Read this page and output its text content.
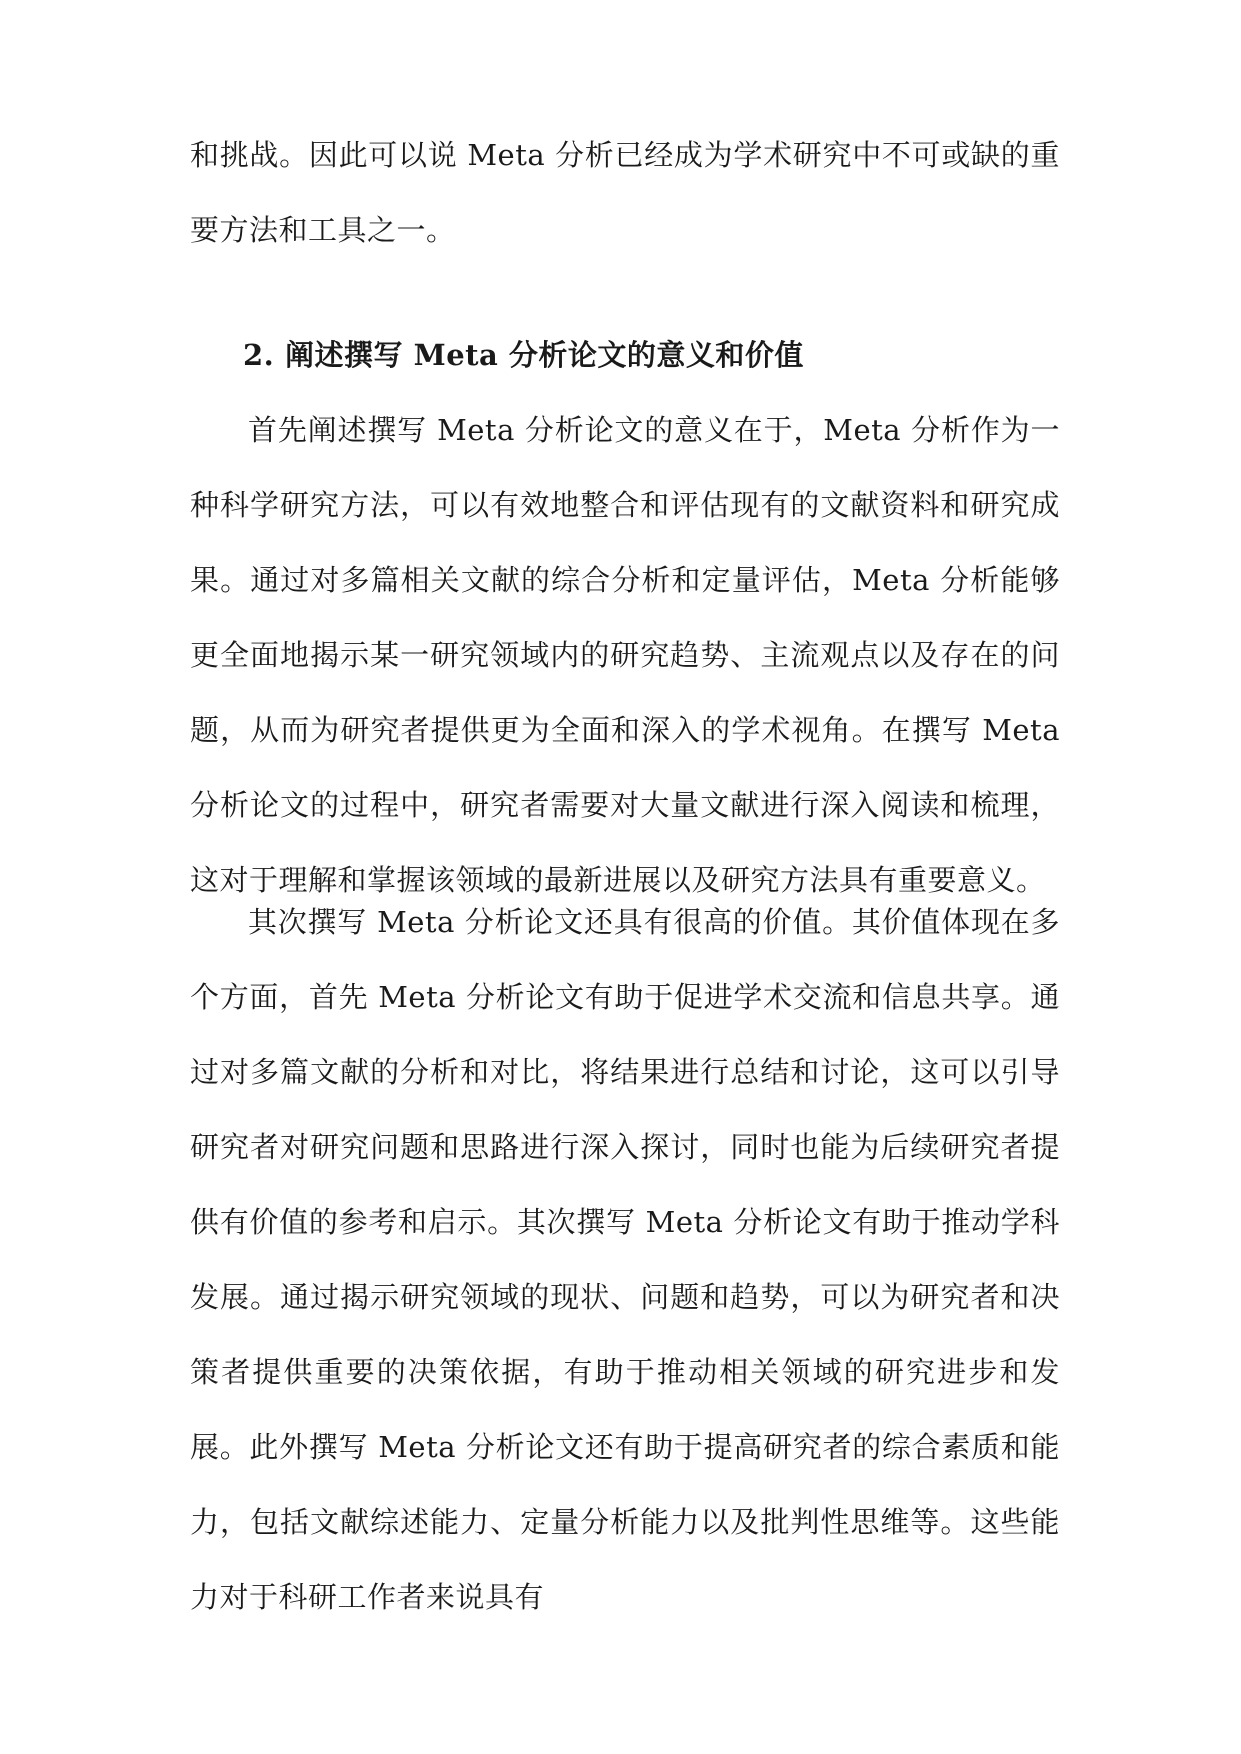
和挑战。因此可以说 Meta 分析已经成为学术研究中不可或缺的重要方法和工具之一。

2. 阐述撰写 Meta 分析论文的意义和价值

首先阐述撰写 Meta 分析论文的意义在于，Meta 分析作为一种科学研究方法，可以有效地整合和评估现有的文献资料和研究成果。通过对多篇相关文献的综合分析和定量评估，Meta 分析能够更全面地揭示某一研究领域内的研究趋势、主流观点以及存在的问题，从而为研究者提供更为全面和深入的学术视角。在撰写 Meta 分析论文的过程中，研究者需要对大量文献进行深入阅读和梳理，这对于理解和掌握该领域的最新进展以及研究方法具有重要意义。

其次撰写 Meta 分析论文还具有很高的价值。其价值体现在多个方面，首先 Meta 分析论文有助于促进学术交流和信息共享。通过对多篇文献的分析和对比，将结果进行总结和讨论，这可以引导研究者对研究问题和思路进行深入探讨，同时也能为后续研究者提供有价值的参考和启示。其次撰写 Meta 分析论文有助于推动学科发展。通过揭示研究领域的现状、问题和趋势，可以为研究者和决策者提供重要的决策依据，有助于推动相关领域的研究进步和发展。此外撰写 Meta 分析论文还有助于提高研究者的综合素质和能力，包括文献综述能力、定量分析能力以及批判性思维等。这些能力对于科研工作者来说具有
